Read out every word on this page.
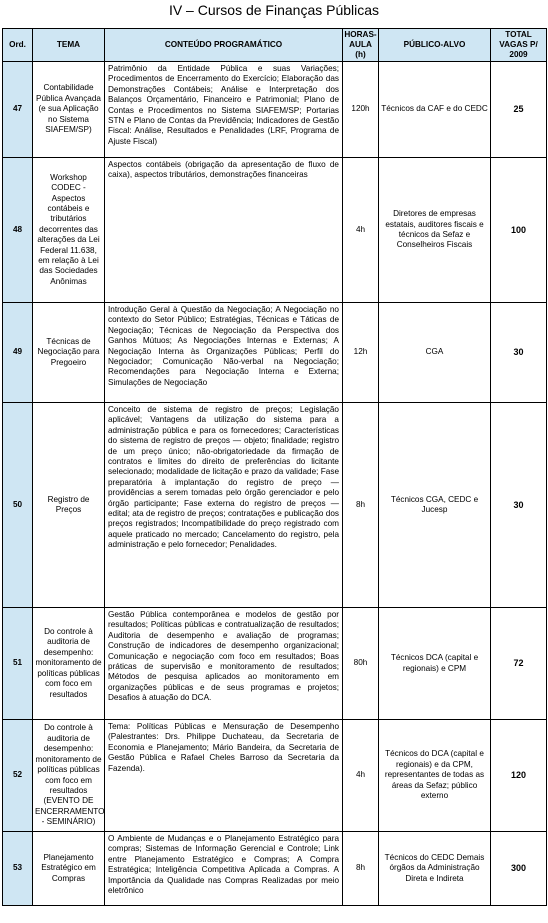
IV – Cursos de Finanças Públicas
Ord.	TEMA	CONTEÚDO PROGRAMÁTICO	HORAS-AULA (h)	PÚBLICO-ALVO	TOTAL VAGAS P/ 2009
47	Contabilidade Pública Avançada (e sua Aplicação no Sistema SIAFEM/SP)	Patrimônio da Entidade Pública e suas Variações; Procedimentos de Encerramento do Exercício; Elaboração das Demonstrações Contábeis; Análise e Interpretação dos Balanços Orçamentário, Financeiro e Patrimonial; Plano de Contas e Procedimentos no Sistema SIAFEM/SP; Portarias STN e Plano de Contas da Previdência; Indicadores de Gestão Fiscal: Análise, Resultados e Penalidades (LRF, Programa de Ajuste Fiscal)	120h	Técnicos da CAF e do CEDC	25
48	Workshop CODEC - Aspectos contábeis e tributários decorrentes das alterações da Lei Federal 11.638, em relação à Lei das Sociedades Anônimas	Aspectos contábeis (obrigação da apresentação de fluxo de caixa), aspectos tributários, demonstrações financeiras	4h	Diretores de empresas estatais, auditores fiscais e técnicos da Sefaz e Conselheiros Fiscais	100
49	Técnicas de Negociação para Pregoeiro	Introdução Geral à Questão da Negociação; A Negociação no contexto do Setor Público; Estratégias, Técnicas e Táticas de Negociação; Técnicas de Negociação da Perspectiva dos Ganhos Mútuos; As Negociações Internas e Externas; A Negociação Interna às Organizações Públicas; Perfil do Negociador; Comunicação Não-verbal na Negociação; Recomendações para Negociação Interna e Externa; Simulações de Negociação	12h	CGA	30
50	Registro de Preços	Conceito de sistema de registro de preços; Legislação aplicável; Vantagens da utilização do sistema para a administração pública e para os fornecedores; Características do sistema de registro de preços — objeto; finalidade; registro de um preço único; não-obrigatoriedade da firmação de contratos e limites do direito de preferências do licitante selecionado; modalidade de licitação e prazo da validade; Fase preparatória à implantação do registro de preço — providências a serem tomadas pelo órgão gerenciador e pelo órgão participante; Fase externa do registro de preços — edital; ata de registro de preços; contratações e publicação dos preços registrados; Incompatibilidade do preço registrado com aquele praticado no mercado; Cancelamento do registro, pela administração e pelo fornecedor; Penalidades.	8h	Técnicos CGA, CEDC e Jucesp	30
51	Do controle à auditoria de desempenho: monitoramento de políticas públicas com foco em resultados	Gestão Pública contemporânea e modelos de gestão por resultados; Políticas públicas e contratualização de resultados; Auditoria de desempenho e avaliação de programas; Construção de indicadores de desempenho organizacional; Comunicação e negociação com foco em resultados; Boas práticas de supervisão e monitoramento de resultados; Métodos de pesquisa aplicados ao monitoramento em organizações públicas e de seus programas e projetos; Desafios à atuação do DCA.	80h	Técnicos DCA (capital e regionais) e CPM	72
52	Do controle à auditoria de desempenho: monitoramento de políticas públicas com foco em resultados (EVENTO DE ENCERRAMENTO - SEMINÁRIO)	Tema: Políticas Públicas e Mensuração de Desempenho (Palestrantes: Drs. Philippe Duchateau, da Secretaria de Economia e Planejamento; Mário Bandeira, da Secretaria de Gestão Pública e Rafael Cheles Barroso da Secretaria da Fazenda).	4h	Técnicos do DCA (capital e regionais) e da CPM, representantes de todas as áreas da Sefaz; público externo	120
53	Planejamento Estratégico em Compras	O Ambiente de Mudanças e o Planejamento Estratégico para compras; Sistemas de Informação Gerencial e Controle; Link entre Planejamento Estratégico e Compras; A Compra Estratégica; Inteligência Competitiva Aplicada a Compras. A Importância da Qualidade nas Compras Realizadas por meio eletrônico	8h	Técnicos do CEDC Demais órgãos da Administração Direta e Indireta	300
